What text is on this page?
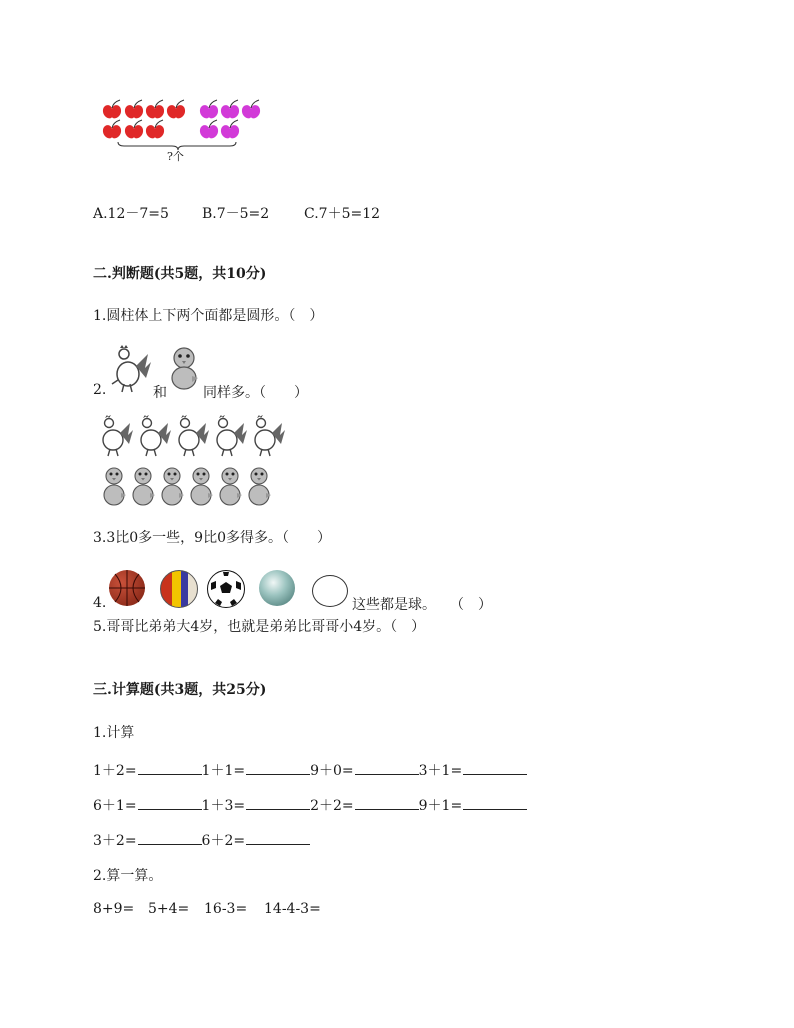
?个
A.12－7=5 B.7－5=2 C.7＋5=12
二.判断题(共5题，共10分)
1.圆柱体上下两个面都是圆形。（　）
2.	和	同样多。（　　）
3.3比0多一些，9比0多得多。（　　）
4.	这些都是球。　　（　）
5.哥哥比弟弟大4岁，也就是弟弟比哥哥小4岁。（　）
三.计算题(共3题，共25分)
1.计算
1＋2=	1＋1=	9＋0=	3＋1=
6＋1=	1＋3=	2＋2=	9＋1=
3＋2=	6＋2=
2.算一算。
8+9= 5+4= 16-3= 14-4-3=
